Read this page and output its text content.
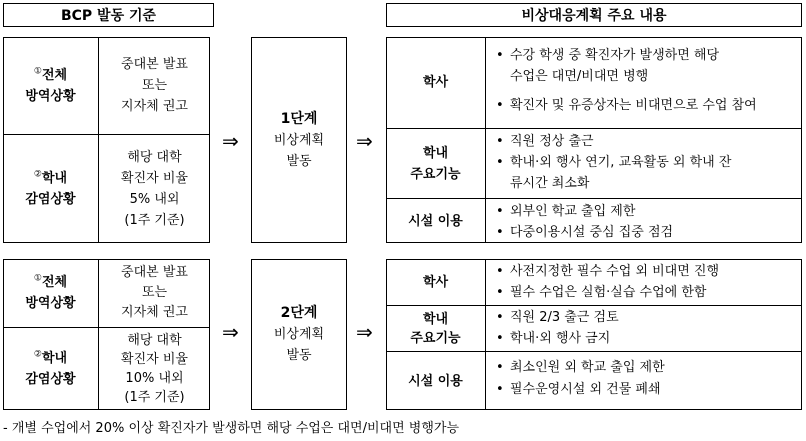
BCP 발동 기준	비상대응계획 주요 내용
①전체
방역상황
중대본 발표
또는
지자체 권고
②학내
감염상황
해당 대학
확진자 비율
5% 내외
(1주 기준)
⇒
1단계
비상계획
발동
⇒
학사
• 수강 학생 중 확진자가 발생하면 해당
수업은 대면/비대면 병행
• 확진자 및 유증상자는 비대면으로 수업 참여
학내
주요기능
• 직원 정상 출근
• 학내·외 행사 연기, 교육활동 외 학내 잔
류시간 최소화
시설 이용
• 외부인 학교 출입 제한
• 다중이용시설 중심 집중 점검
①전체
방역상황
중대본 발표
또는
지자체 권고
②학내
감염상황
해당 대학
확진자 비율
10% 내외
(1주 기준)
⇒
2단계
비상계획
발동
⇒
학사
• 사전지정한 필수 수업 외 비대면 진행
• 필수 수업은 실험·실습 수업에 한함
학내
주요기능
• 직원 2/3 출근 검토
• 학내·외 행사 금지
시설 이용
• 최소인원 외 학교 출입 제한
• 필수운영시설 외 건물 폐쇄
- 개별 수업에서 20% 이상 확진자가 발생하면 해당 수업은 대면/비대면 병행가능
